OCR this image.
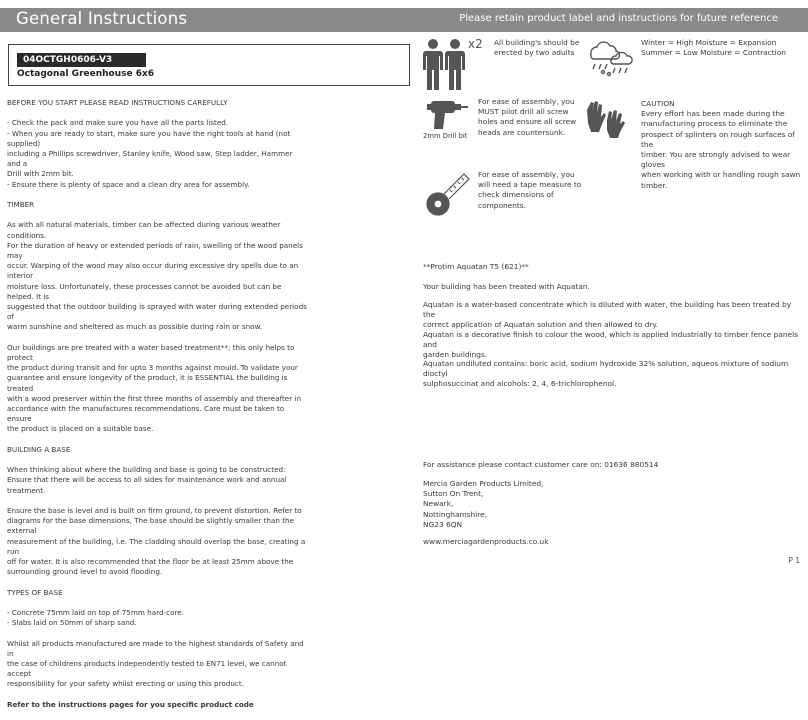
General Instructions	Please retain product label and instructions for future reference
04OCTGH0606-V3
Octagonal Greenhouse 6x6

BEFORE YOU START PLEASE READ INSTRUCTIONS CAREFULLY

- Check the pack and make sure you have all the parts listed.
- When you are ready to start, make sure you have the right tools at hand (not supplied)
including a Phillips screwdriver, Stanley knife, Wood saw, Step ladder, Hammer and a
Drill with 2mm bit.
- Ensure there is plenty of space and a clean dry area for assembly.

TIMBER

As with all natural materials, timber can be affected during various weather conditions.
For the duration of heavy or extended periods of rain, swelling of the wood panels may
occur. Warping of the wood may also occur during excessive dry spells due to an interior
moisture loss. Unfortunately, these processes cannot be avoided but can be helped. It is
suggested that the outdoor building is sprayed with water during extended periods of
warm sunshine and sheltered as much as possible during rain or snow.

Our buildings are pre treated with a water based treatment**; this only helps to protect
the product during transit and for upto 3 months against mould. To validate your
guarantee and ensure longevity of the product, it is ESSENTIAL the building is treated
with a wood preserver within the first three months of assembly and thereafter in
accordance with the manufactures recommendations. Care must be taken to ensure
the product is placed on a suitable base.

BUILDING A BASE

When thinking about where the building and base is going to be constructed:
Ensure that there will be access to all sides for maintenance work and annual
treatment.

Ensure the base is level and is built on firm ground, to prevent distortion. Refer to
diagrams for the base dimensions, The base should be slightly smaller than the external
measurement of the building, i.e. The cladding should overlap the base, creating a run
off for water. It is also recommended that the floor be at least 25mm above the
surrounding ground level to avoid flooding.

TYPES OF BASE

- Concrete 75mm laid on top of 75mm hard-core.
- Slabs laid on 50mm of sharp sand.

Whilst all products manufactured are made to the highest standards of Safety and in
the case of childrens products independently tested to EN71 level, we cannot accept
responsibility for your safety whilst erecting or using this product.

Refer to the instructions pages for you specific product code

x2 All building's should be
erected by two adults
Winter = High Moisture = Expansion
Summer = Low Moisture = Contraction
2mm Drill bit
For ease of assembly, you
MUST pilot drill all screw
holes and ensure all screw
heads are countersunk.
CAUTION
Every effort has been made during the
manufacturing process to eliminate the
prospect of splinters on rough surfaces of the
timber. You are strongly advised to wear gloves
when working with or handling rough sawn
timber.
For ease of assembly, you
will need a tape measure to
check dimensions of
components.
**Protim Aquatan T5 (621)**
Your building has been treated with Aquatan.
Aquatan is a water-based concentrate which is diluted with water, the building has been treated by the
correct application of Aquatan solution and then allowed to dry.
Aquatan is a decorative finish to colour the wood, which is applied industrially to timber fence panels and
garden buildings.
Aquatan undiluted contains: boric acid, sodium hydroxide 32% solution, aqueos mixture of sodium dioctyl
sulphosuccinat and alcohols: 2, 4, 6-trichlorophenol.
For assistance please contact customer care on: 01636 880514
Mercia Garden Products Limited,
Sutton On Trent,
Newark,
Nottinghamshire,
NG23 6QN
www.merciagardenproducts.co.uk
P 1
